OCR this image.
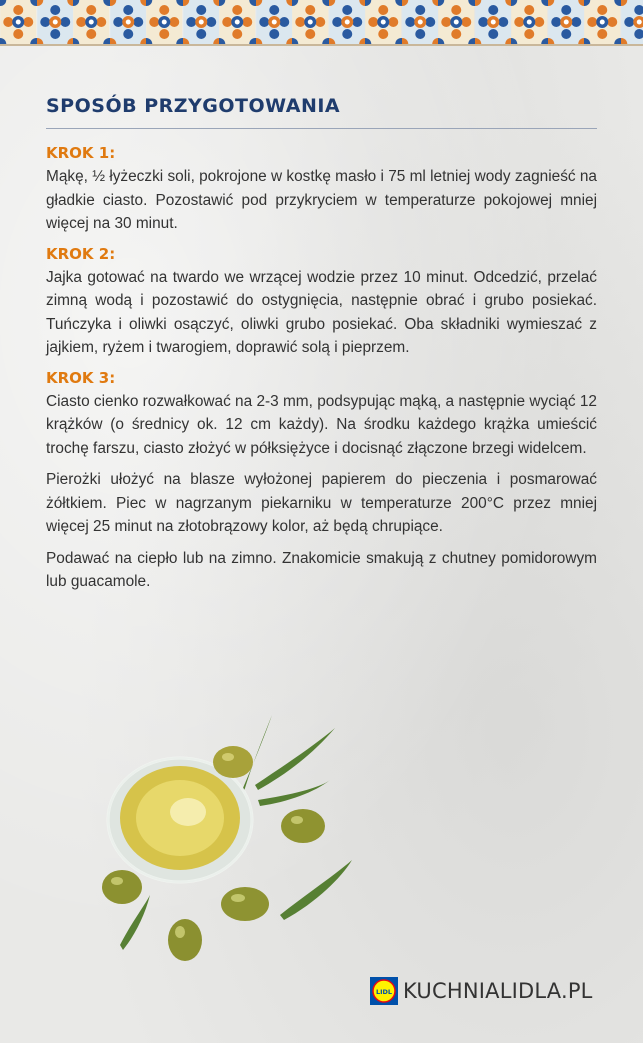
SPOSÓB PRZYGOTOWANIA

KROK 1:

Mąkę, ½ łyżeczki soli, pokrojone w kostkę masło i 75 ml letniej wody zagnieść na gładkie ciasto. Pozostawić pod przykryciem w temperaturze pokojowej mniej więcej na 30 minut.

KROK 2:

Jajka gotować na twardo we wrzącej wodzie przez 10 minut. Odcedzić, przelać zimną wodą i pozostawić do ostygnięcia, następnie obrać i grubo posiekać. Tuńczyka i oliwki osączyć, oliwki grubo posiekać. Oba składniki wymieszać z jajkiem, ryżem i twarogiem, doprawić solą i pieprzem.

KROK 3:

Ciasto cienko rozwałkować na 2-3 mm, podsypując mąką, a następnie wyciąć 12 krążków (o średnicy ok. 12 cm każdy). Na środku każdego krążka umieścić trochę farszu, ciasto złożyć w półksiężyce i docisnąć złączone brzegi widelcem.

Pierożki ułożyć na blasze wyłożonej papierem do pieczenia i posmarować żółtkiem. Piec w nagrzanym piekarniku w temperaturze 200°C przez mniej więcej 25 minut na złotobrązowy kolor, aż będą chrupiące.

Podawać na ciepło lub na zimno. Znakomicie smakują z chutney pomidorowym lub guacamole.

LIDL KUCHNIALIDLA.PL
